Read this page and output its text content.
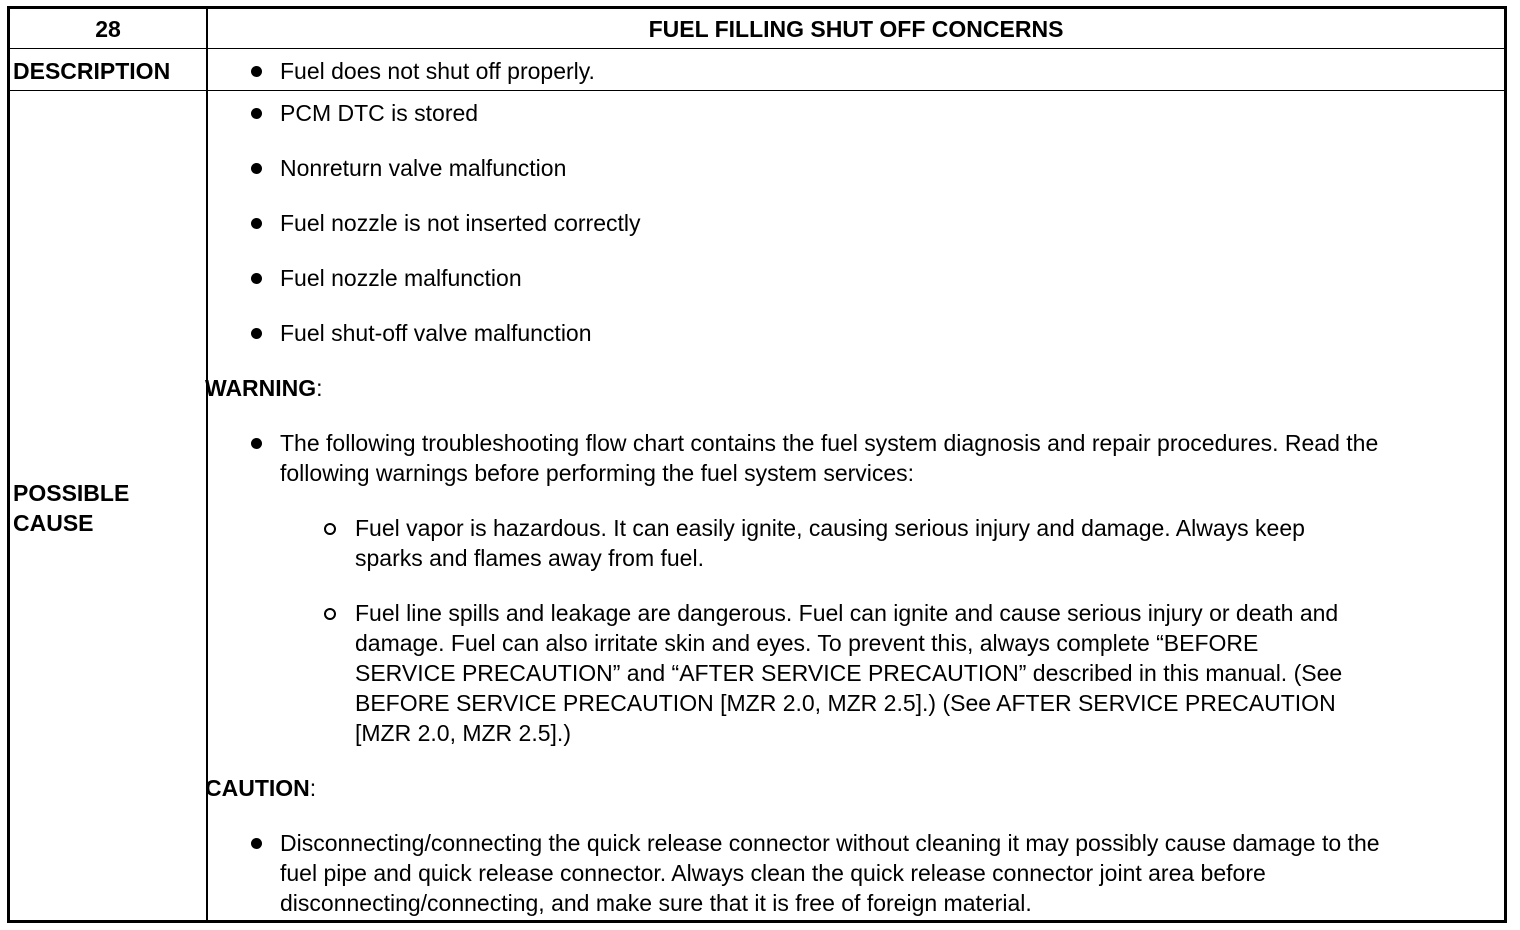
28	FUEL FILLING SHUT OFF CONCERNS
DESCRIPTION	Fuel does not shut off properly.
POSSIBLE
CAUSE
PCM DTC is stored
Nonreturn valve malfunction
Fuel nozzle is not inserted correctly
Fuel nozzle malfunction
Fuel shut-off valve malfunction
WARNING:
The following troubleshooting flow chart contains the fuel system diagnosis and repair procedures. Read the
following warnings before performing the fuel system services:
Fuel vapor is hazardous. It can easily ignite, causing serious injury and damage. Always keep
sparks and flames away from fuel.
Fuel line spills and leakage are dangerous. Fuel can ignite and cause serious injury or death and
damage. Fuel can also irritate skin and eyes. To prevent this, always complete “BEFORE
SERVICE PRECAUTION” and “AFTER SERVICE PRECAUTION” described in this manual. (See
BEFORE SERVICE PRECAUTION [MZR 2.0, MZR 2.5].) (See AFTER SERVICE PRECAUTION
[MZR 2.0, MZR 2.5].)
CAUTION:
Disconnecting/connecting the quick release connector without cleaning it may possibly cause damage to the
fuel pipe and quick release connector. Always clean the quick release connector joint area before
disconnecting/connecting, and make sure that it is free of foreign material.
